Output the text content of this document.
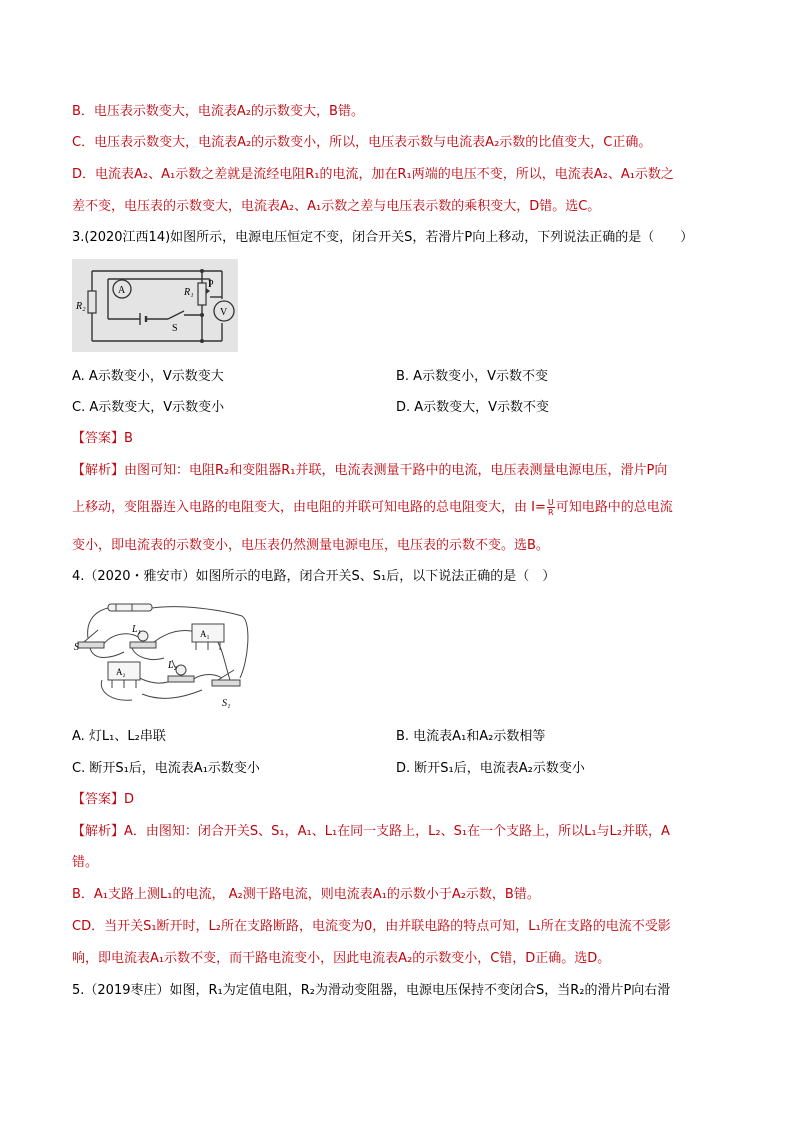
B．电压表示数变大，电流表A₂的示数变大，B错。
C．电压表示数变大，电流表A₂的示数变小，所以，电压表示数与电流表A₂示数的比值变大，C正确。
D．电流表A₂、A₁示数之差就是流经电阻R₁的电流，加在R₁两端的电压不变，所以，电流表A₂、A₁示数之
差不变，电压表的示数变大，电流表A₂、A₁示数之差与电压表示数的乘积变大，D错。选C。
3.(2020江西14)如图所示，电源电压恒定不变，闭合开关S，若滑片P向上移动，下列说法正确的是（　　）
A
V
R₁
R₂
P
S
A. A示数变小，V示数变大	B. A示数变小，V示数不变
C. A示数变大，V示数变小	D. A示数变大，V示数不变
【答案】B
【解析】由图可知：电阻R₂和变阻器R₁并联，电流表测量干路中的电流，电压表测量电源电压，滑片P向
上移动，变阻器连入电路的电阻变大，由电阻的并联可知电路的总电阻变大，由 $I= \frac{U}{R}$ 可知电路中的总电流
变小，即电流表的示数变小，电压表仍然测量电源电压，电压表的示数不变。选B。
4.（2020・雅安市）如图所示的电路，闭合开关S、S₁后，以下说法正确的是（　）
S
S₁
L₁
L₂
A₁
A₂
A. 灯L₁、L₂串联	B. 电流表A₁和A₂示数相等
C. 断开S₁后，电流表A₁示数变小	D. 断开S₁后，电流表A₂示数变小
【答案】D
【解析】A．由图知：闭合开关S、S₁，A₁、L₁在同一支路上，L₂、S₁在一个支路上，所以L₁与L₂并联，A
错。
B．A₁支路上测L₁的电流， A₂测干路电流，则电流表A₁的示数小于A₂示数，B错。
CD．当开关S₁断开时，L₂所在支路断路，电流变为0，由并联电路的特点可知，L₁所在支路的电流不受影
响，即电流表A₁示数不变，而干路电流变小，因此电流表A₂的示数变小，C错，D正确。选D。
5.（2019枣庄）如图，R₁为定值电阻，R₂为滑动变阻器，电源电压保持不变闭合S，当R₂的滑片P向右滑
